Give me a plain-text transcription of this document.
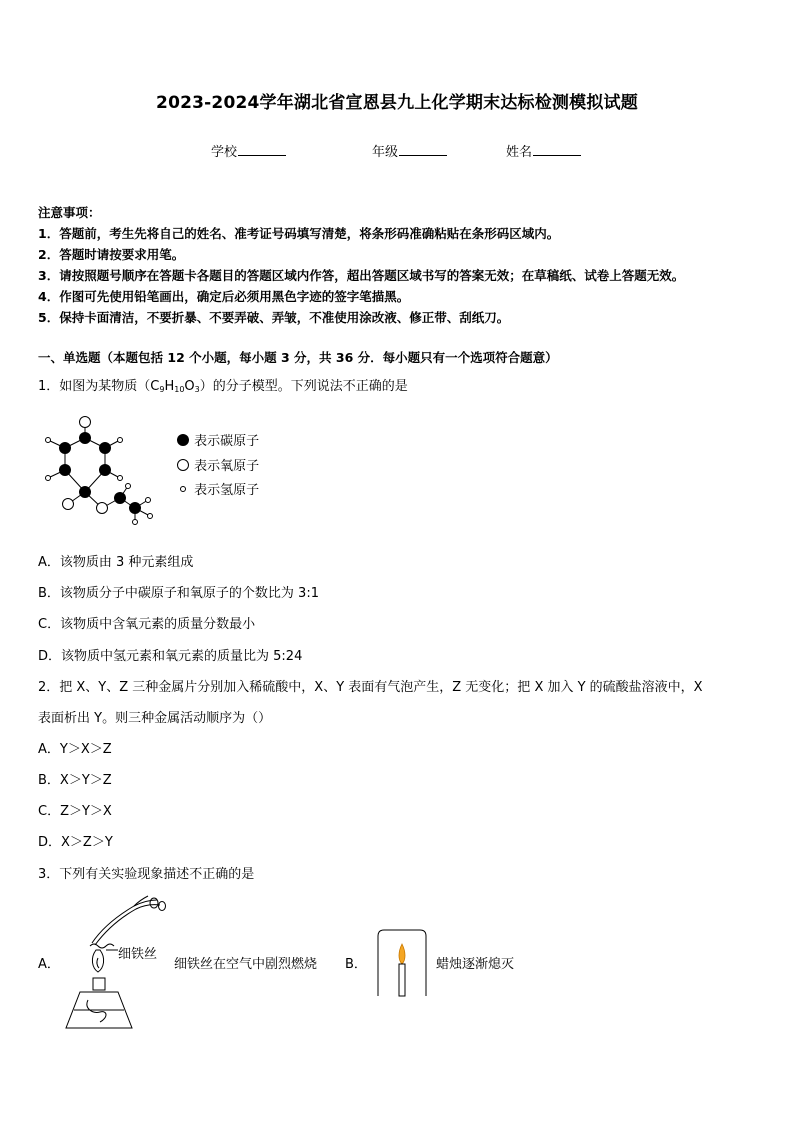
2023-2024学年湖北省宣恩县九上化学期末达标检测模拟试题
学校	年级	姓名
注意事项：
1．答题前，考生先将自己的姓名、准考证号码填写清楚，将条形码准确粘贴在条形码区域内。
2．答题时请按要求用笔。
3．请按照题号顺序在答题卡各题目的答题区域内作答，超出答题区域书写的答案无效；在草稿纸、试卷上答题无效。
4．作图可先使用铅笔画出，确定后必须用黑色字迹的签字笔描黑。
5．保持卡面清洁，不要折暴、不要弄破、弄皱，不准使用涂改液、修正带、刮纸刀。
一、单选题（本题包括 12 个小题，每小题 3 分，共 36 分．每小题只有一个选项符合题意）
1．如图为某物质$(C_9H_{10}O_3)$的分子模型。下列说法不正确的是
表示碳原子
表示氧原子
表示氢原子
A．该物质由 3 种元素组成
B．该物质分子中碳原子和氧原子的个数比为 3:1
C．该物质中含氧元素的质量分数最小
D．该物质中氢元素和氧元素的质量比为 5:24
2．把 X、Y、Z 三种金属片分别加入稀硫酸中，X、Y 表面有气泡产生，Z 无变化；把 X 加入 Y 的硫酸盐溶液中，X
表面析出 Y。则三种金属活动顺序为（）
A．Y＞X＞Z
B．X＞Y＞Z
C．Z＞Y＞X
D．X＞Z＞Y
3．下列有关实验现象描述不正确的是
A．
细铁丝
细铁丝在空气中剧烈燃烧 B．	蜡烛逐渐熄灭
